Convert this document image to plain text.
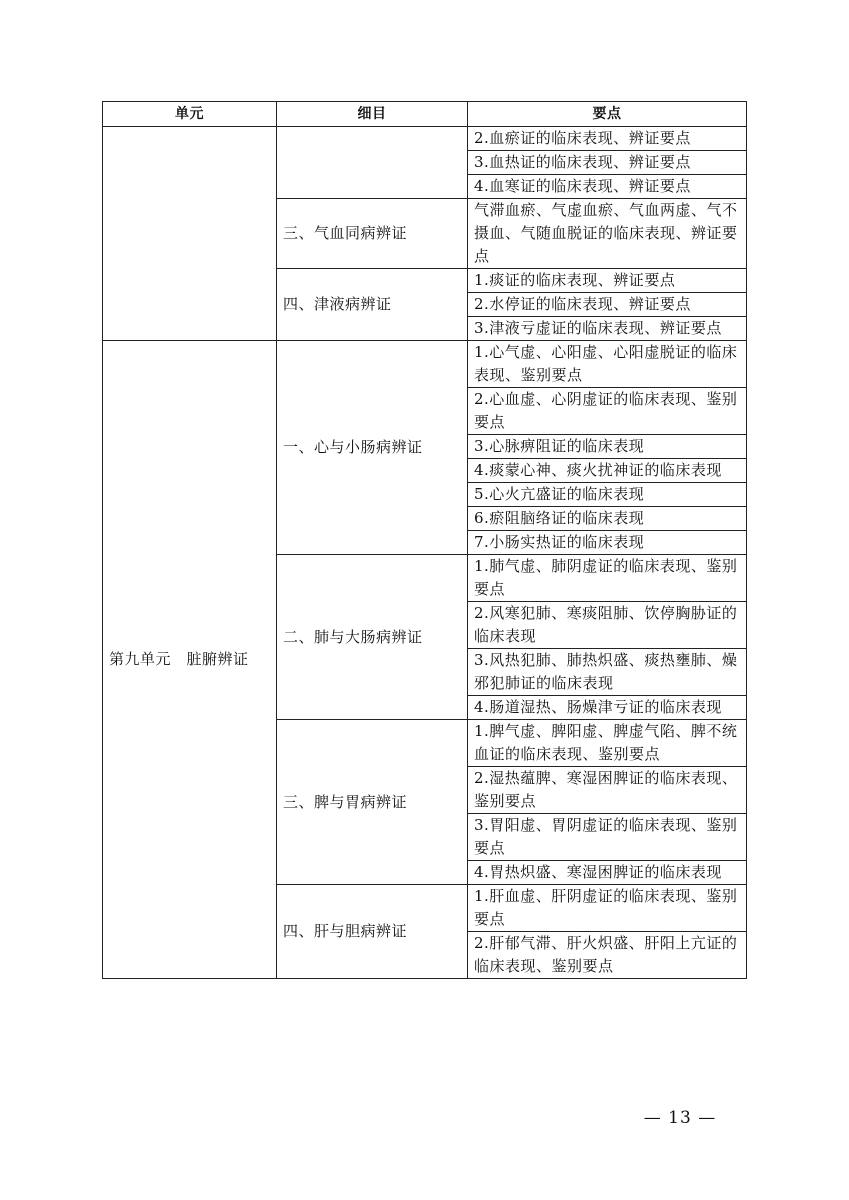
单元	细目	要点
		2.血瘀证的临床表现、辨证要点
		3.血热证的临床表现、辨证要点
		4.血寒证的临床表现、辨证要点
	三、气血同病辨证	气滞血瘀、气虚血瘀、气血两虚、气不摄血、气随血脱证的临床表现、辨证要点
	四、津液病辨证	1.痰证的临床表现、辨证要点
		2.水停证的临床表现、辨证要点
		3.津液亏虚证的临床表现、辨证要点
第九单元　脏腑辨证	一、心与小肠病辨证	1.心气虚、心阳虚、心阳虚脱证的临床表现、鉴别要点
		2.心血虚、心阴虚证的临床表现、鉴别要点
		3.心脉痹阻证的临床表现
		4.痰蒙心神、痰火扰神证的临床表现
		5.心火亢盛证的临床表现
		6.瘀阻脑络证的临床表现
		7.小肠实热证的临床表现
	二、肺与大肠病辨证	1.肺气虚、肺阴虚证的临床表现、鉴别要点
		2.风寒犯肺、寒痰阻肺、饮停胸胁证的临床表现
		3.风热犯肺、肺热炽盛、痰热壅肺、燥邪犯肺证的临床表现
		4.肠道湿热、肠燥津亏证的临床表现
	三、脾与胃病辨证	1.脾气虚、脾阳虚、脾虚气陷、脾不统血证的临床表现、鉴别要点
		2.湿热蕴脾、寒湿困脾证的临床表现、鉴别要点
		3.胃阳虚、胃阴虚证的临床表现、鉴别要点
		4.胃热炽盛、寒湿困脾证的临床表现
	四、肝与胆病辨证	1.肝血虚、肝阴虚证的临床表现、鉴别要点
		2.肝郁气滞、肝火炽盛、肝阳上亢证的临床表现、鉴别要点
— 13 —
